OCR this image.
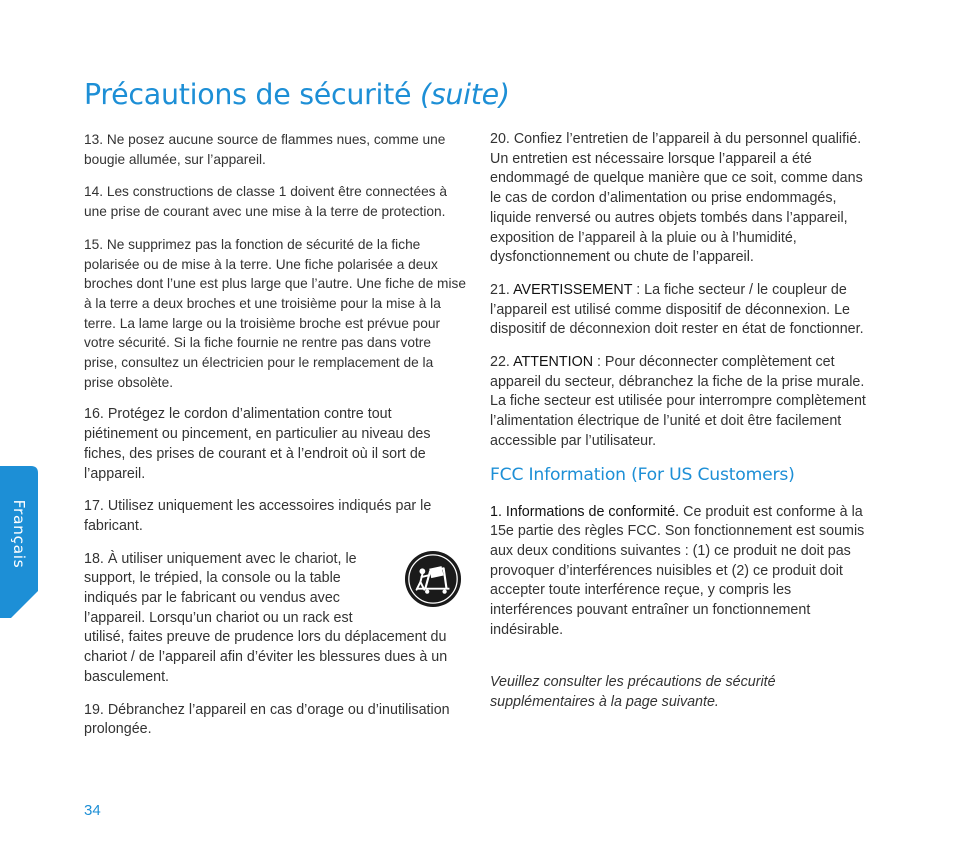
Précautions de sécurité (suite)

13. Ne posez aucune source de flammes nues, comme une bougie allumée, sur l’appareil.

14. Les constructions de classe 1 doivent être connectées à une prise de courant avec une mise à la terre de protection.

15. Ne supprimez pas la fonction de sécurité de la fiche polarisée ou de mise à la terre. Une fiche polarisée a deux broches dont l’une est plus large que l’autre. Une fiche de mise à la terre a deux broches et une troisième pour la mise à la terre. La lame large ou la troisième broche est prévue pour votre sécurité. Si la fiche fournie ne rentre pas dans votre prise, consultez un électricien pour le remplacement de la prise obsolète.

16. Protégez le cordon d’alimentation contre tout piétinement ou pincement, en particulier au niveau des fiches, des prises de courant et à l’endroit où il sort de l’appareil.

17. Utilisez uniquement les accessoires indiqués par le fabricant.

18. À utiliser uniquement avec le chariot, le support, le trépied, la console ou la table indiqués par le fabricant ou vendus avec l’appareil. Lorsqu’un chariot ou un rack est utilisé, faites preuve de prudence lors du déplacement du chariot / de l’appareil afin d’éviter les blessures dues à un basculement.

19. Débranchez l’appareil en cas d’orage ou d’inutilisation prolongée.

20. Confiez l’entretien de l’appareil à du personnel qualifié. Un entretien est nécessaire lorsque l’appareil a été endommagé de quelque manière que ce soit, comme dans le cas de cordon d’alimentation ou prise endommagés, liquide renversé ou autres objets tombés dans l’appareil, exposition de l’appareil à la pluie ou à l’humidité, dysfonctionnement ou chute de l’appareil.

21. AVERTISSEMENT : La fiche secteur / le coupleur de l’appareil est utilisé comme dispositif de déconnexion. Le dispositif de déconnexion doit rester en état de fonctionner.

22. ATTENTION : Pour déconnecter complètement cet appareil du secteur, débranchez la fiche de la prise murale. La fiche secteur est utilisée pour interrompre complètement l’alimentation électrique de l’unité et doit être facilement accessible par l’utilisateur.

FCC Information (For US Customers)

1. Informations de conformité. Ce produit est conforme à la 15e partie des règles FCC. Son fonctionnement est soumis aux deux conditions suivantes : (1) ce produit ne doit pas provoquer d’interférences nuisibles et (2) ce produit doit accepter toute interférence reçue, y compris les interférences pouvant entraîner un fonctionnement indésirable.

Veuillez consulter les précautions de sécurité supplémentaires à la page suivante.

Français
34
